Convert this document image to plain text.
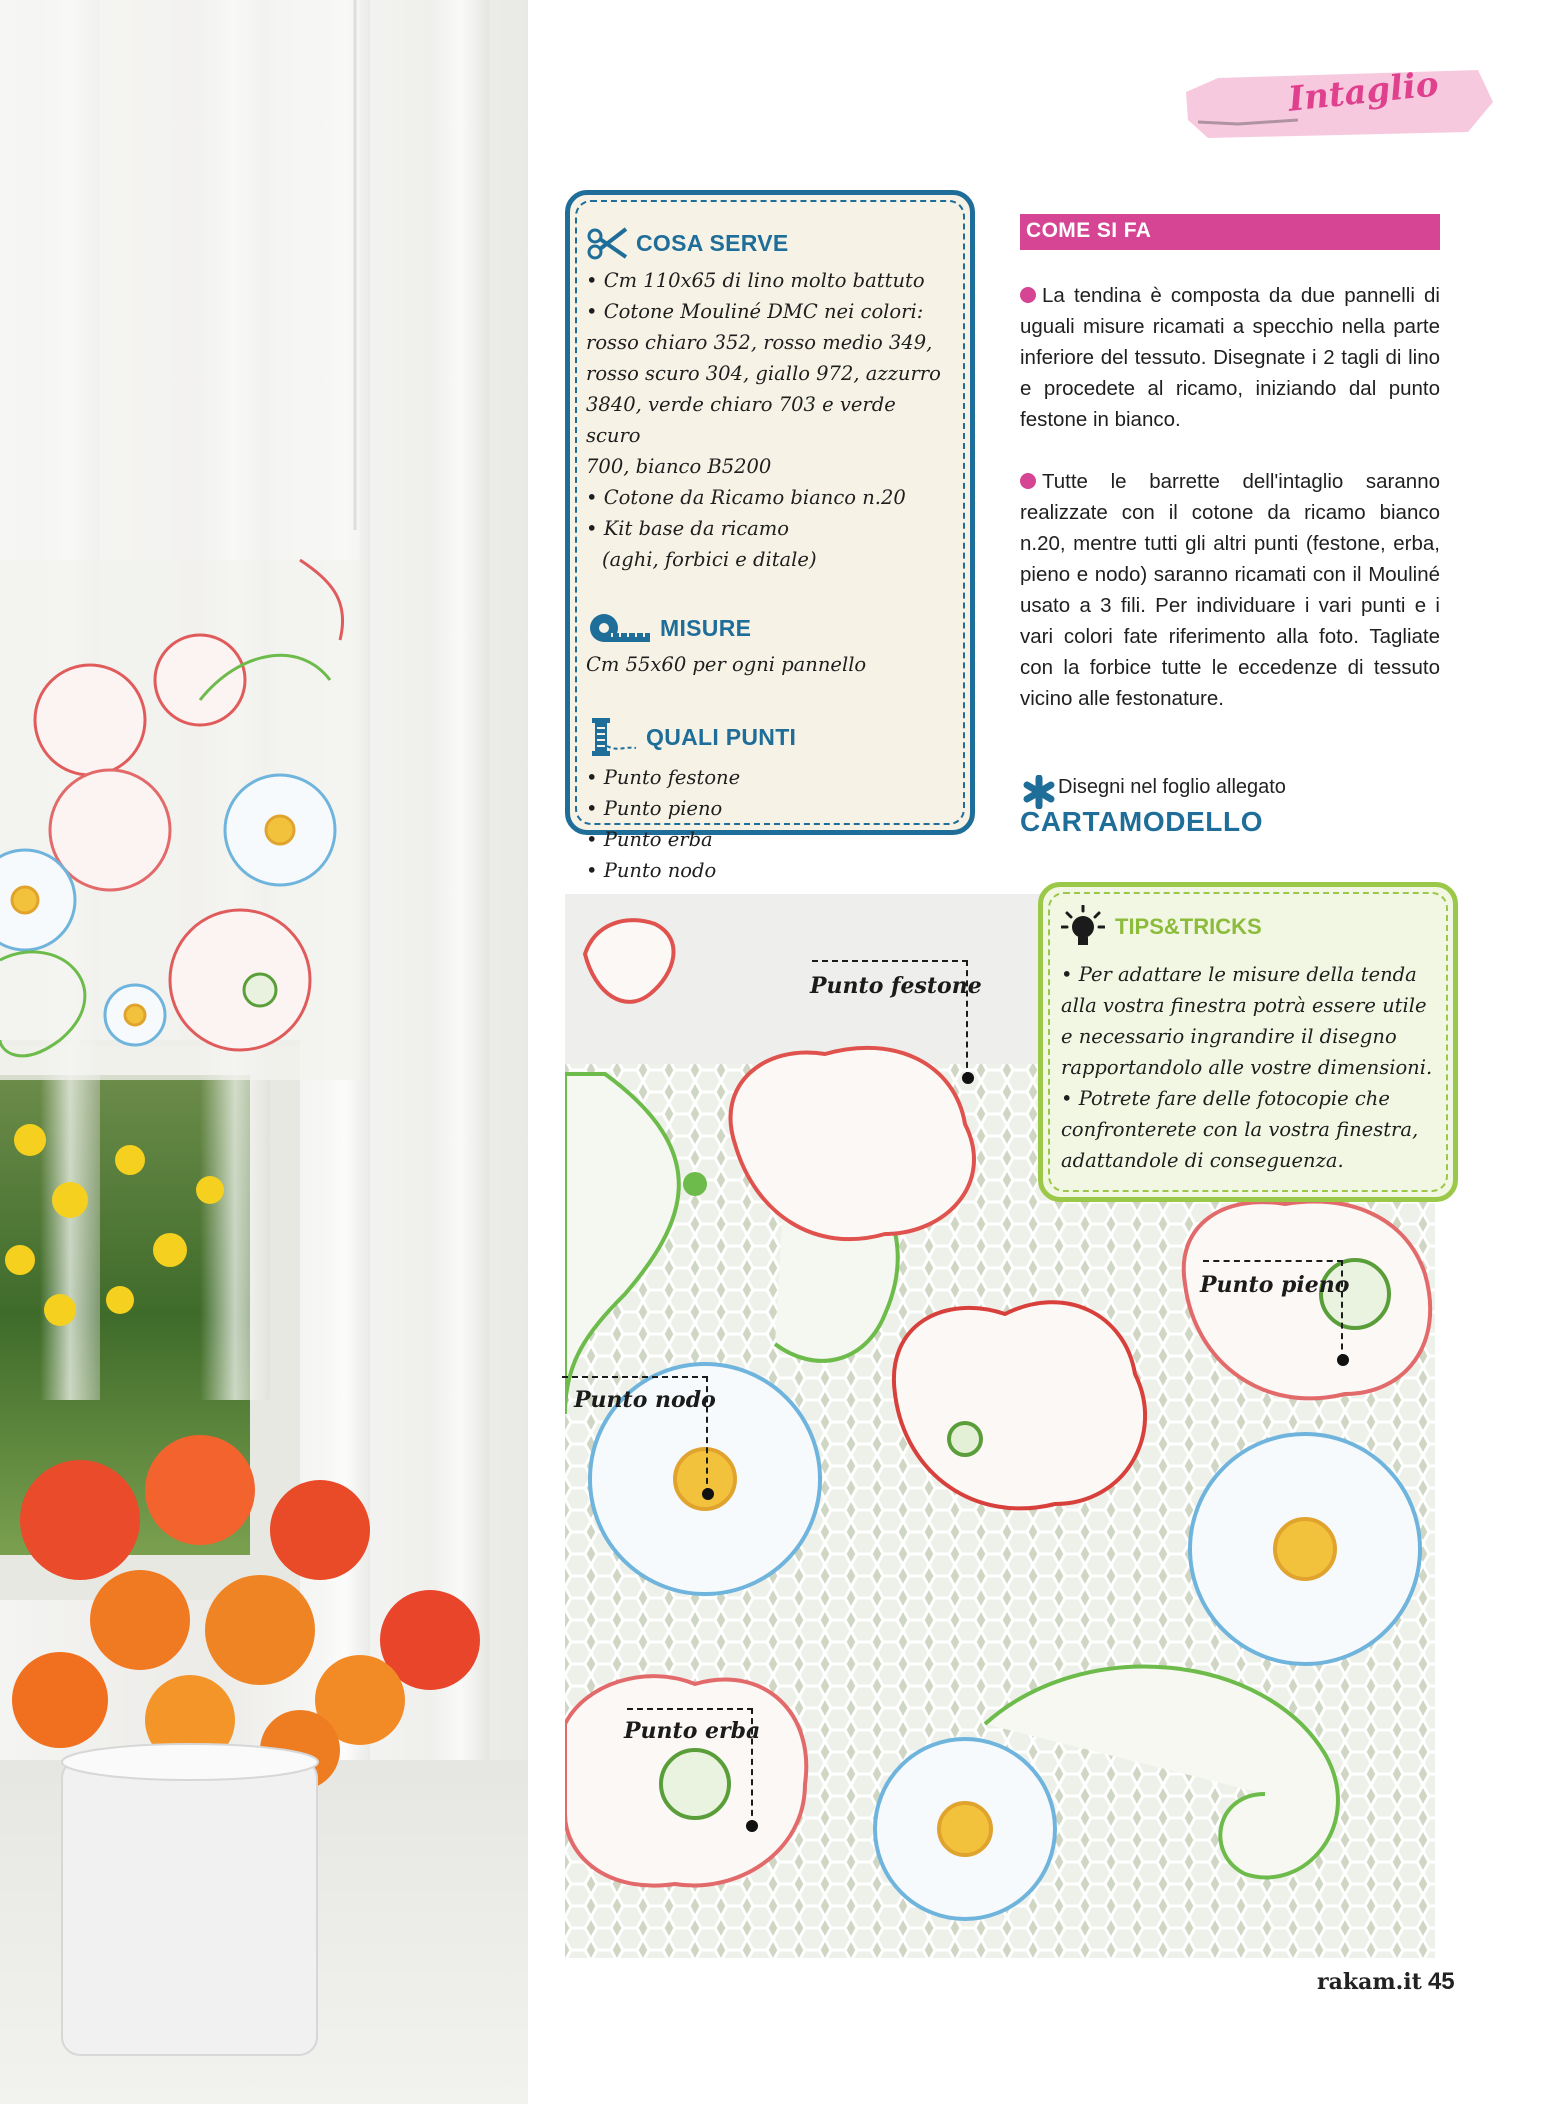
Intaglio
COSA SERVE
• Cm 110x65 di lino molto battuto
• Cotone Mouliné DMC nei colori:
rosso chiaro 352, rosso medio 349,
rosso scuro 304, giallo 972, azzurro
3840, verde chiaro 703 e verde scuro
700, bianco B5200
• Cotone da Ricamo bianco n.20
• Kit base da ricamo
(aghi, forbici e ditale)
MISURE
Cm 55x60 per ogni pannello
QUALI PUNTI
• Punto festone
• Punto pieno
• Punto erba
• Punto nodo
COME SI FA
La tendina è composta da due pannelli di uguali misure ricamati a specchio nella parte inferiore del tessuto. Disegnate i 2 tagli di lino e procedete al ricamo, iniziando dal punto festone in bianco.
Tutte le barrette dell'intaglio saranno realizzate con il cotone da ricamo bianco n.20, mentre tutti gli altri punti (festone, erba, pieno e nodo) saranno ricamati con il Mouliné usato a 3 fili. Per individuare i vari punti e i vari colori fate riferimento alla foto. Tagliate con la forbice tutte le eccedenze di tessuto vicino alle festonature.
Disegni nel foglio allegato
CARTAMODELLO
Punto festone
Punto pieno
Punto nodo
Punto erba
TIPS&TRICKS
• Per adattare le misure della tenda
alla vostra finestra potrà essere utile
e necessario ingrandire il disegno
rapportandolo alle vostre dimensioni.
• Potrete fare delle fotocopie che
confronterete con la vostra finestra,
adattandole di conseguenza.
rakam.it 45
